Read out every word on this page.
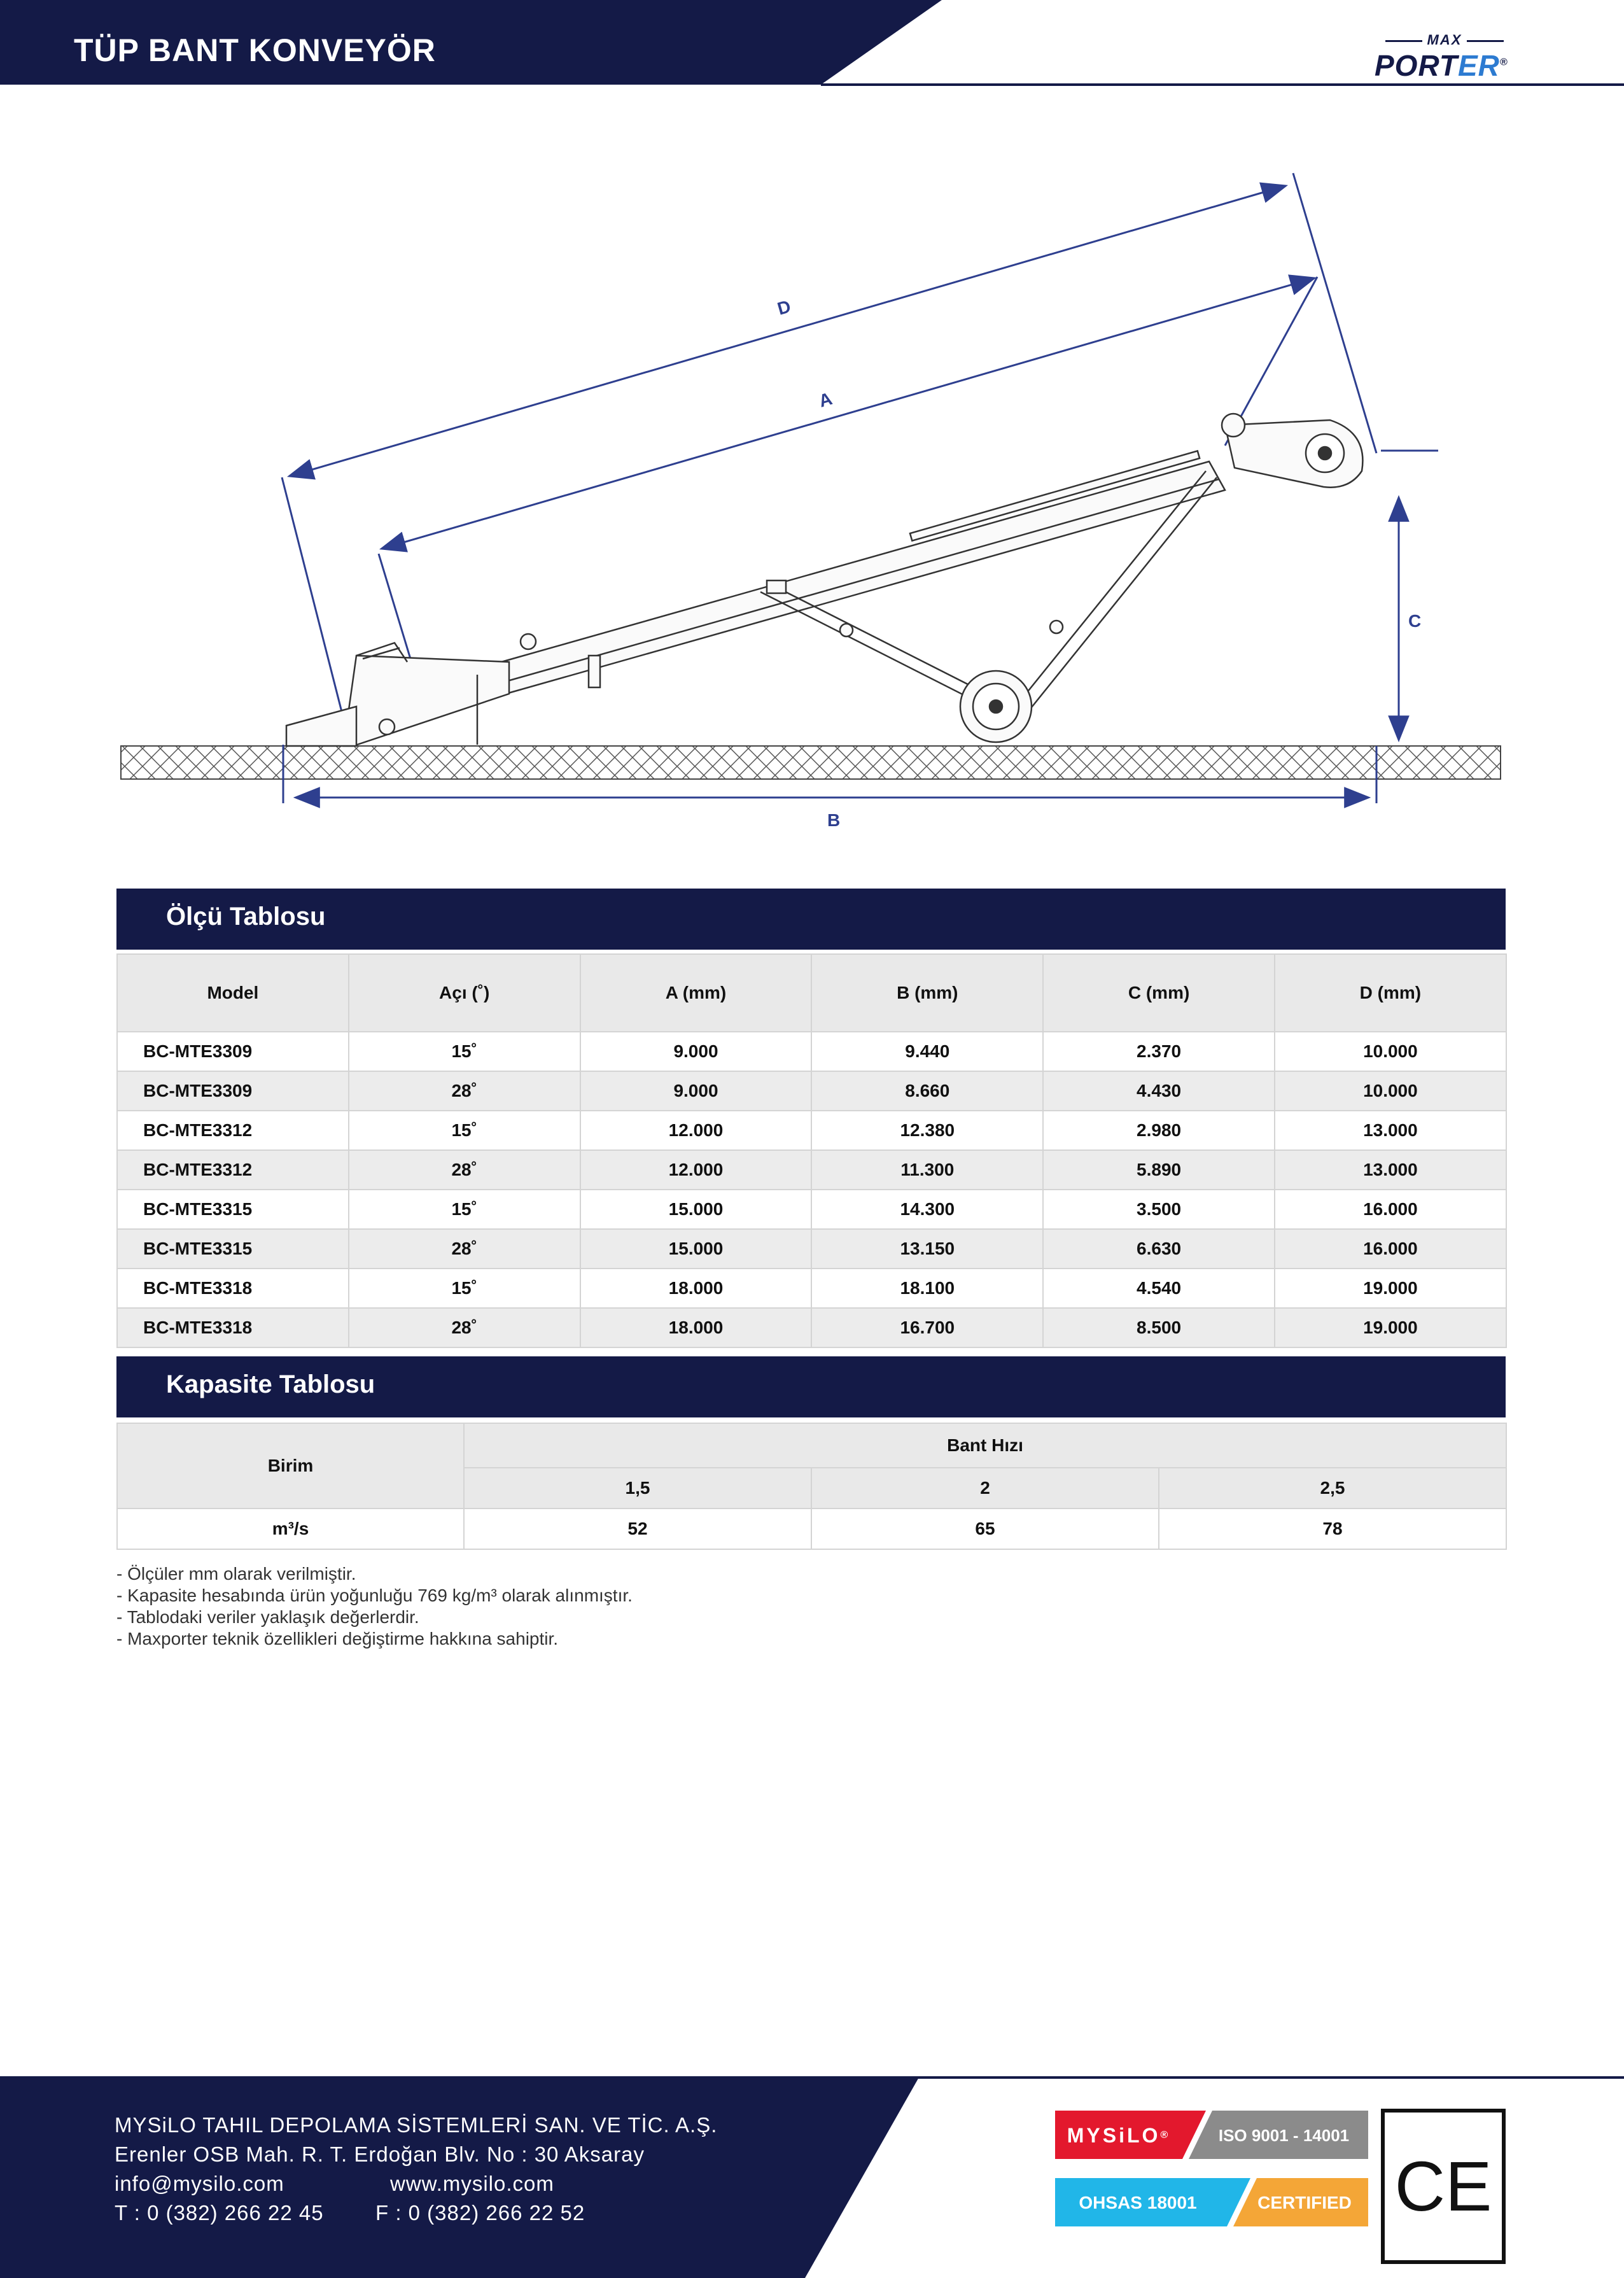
TÜP BANT KONVEYÖR	MAX
PORTER®
D
A
B
C
Ölçü Tablosu
Model	Açı (˚)	A (mm)	B (mm)	C (mm)	D (mm)
BC-MTE3309	15˚	9.000	9.440	2.370	10.000
BC-MTE3309	28˚	9.000	8.660	4.430	10.000
BC-MTE3312	15˚	12.000	12.380	2.980	13.000
BC-MTE3312	28˚	12.000	11.300	5.890	13.000
BC-MTE3315	15˚	15.000	14.300	3.500	16.000
BC-MTE3315	28˚	15.000	13.150	6.630	16.000
BC-MTE3318	15˚	18.000	18.100	4.540	19.000
BC-MTE3318	28˚	18.000	16.700	8.500	19.000
Kapasite Tablosu
Birim	Bant Hızı		
	1,5	2	2,5
m³/s	52	65	78
- Ölçüler mm olarak verilmiştir.
- Kapasite hesabında ürün yoğunluğu 769 kg/m³ olarak alınmıştır.
- Tablodaki veriler yaklaşık değerlerdir.
- Maxporter teknik özellikleri değiştirme hakkına sahiptir.
MYSiLO TAHIL DEPOLAMA SİSTEMLERİ SAN. VE TİC. A.Ş.
Erenler OSB Mah. R. T. Erdoğan Blv. No : 30 Aksaray
info@mysilo.com	www.mysilo.com
T : 0 (382) 266 22 45 F : 0 (382) 266 22 52
MYSiLO ®	ISO 9001 - 14001
OHSAS 18001	CERTIFIED CE
